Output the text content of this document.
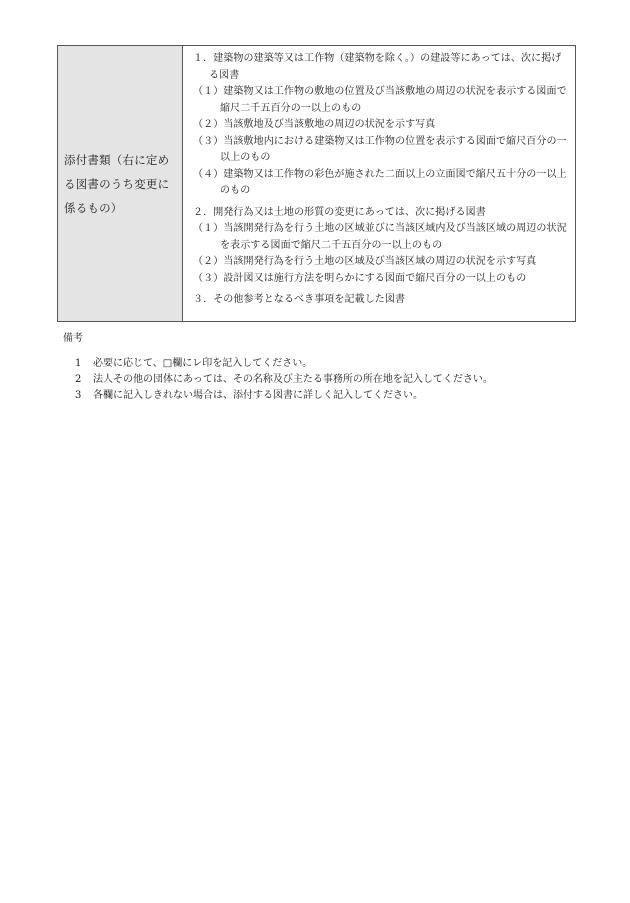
添付書類（右に定める図書のうち変更に係るもの）

１．建築物の建築等又は工作物（建築物を除く。）の建設等にあっては、次に掲げる図書

（１）建築物又は工作物の敷地の位置及び当該敷地の周辺の状況を表示する図面で縮尺二千五百分の一以上のもの

（２）当該敷地及び当該敷地の周辺の状況を示す写真

（３）当該敷地内における建築物又は工作物の位置を表示する図面で縮尺百分の一以上のもの

（４）建築物又は工作物の彩色が施された二面以上の立面図で縮尺五十分の一以上のもの

２．開発行為又は土地の形質の変更にあっては、次に掲げる図書

（１）当該開発行為を行う土地の区域並びに当該区域内及び当該区域の周辺の状況を表示する図面で縮尺二千五百分の一以上のもの

（２）当該開発行為を行う土地の区域及び当該区域の周辺の状況を示す写真

（３）設計図又は施行方法を明らかにする図面で縮尺百分の一以上のもの

３．その他参考となるべき事項を記載した図書

備考
1	必要に応じて、□欄にレ印を記入してください。
2	法人その他の団体にあっては、その名称及び主たる事務所の所在地を記入してください。
3	各欄に記入しきれない場合は、添付する図書に詳しく記入してください。
